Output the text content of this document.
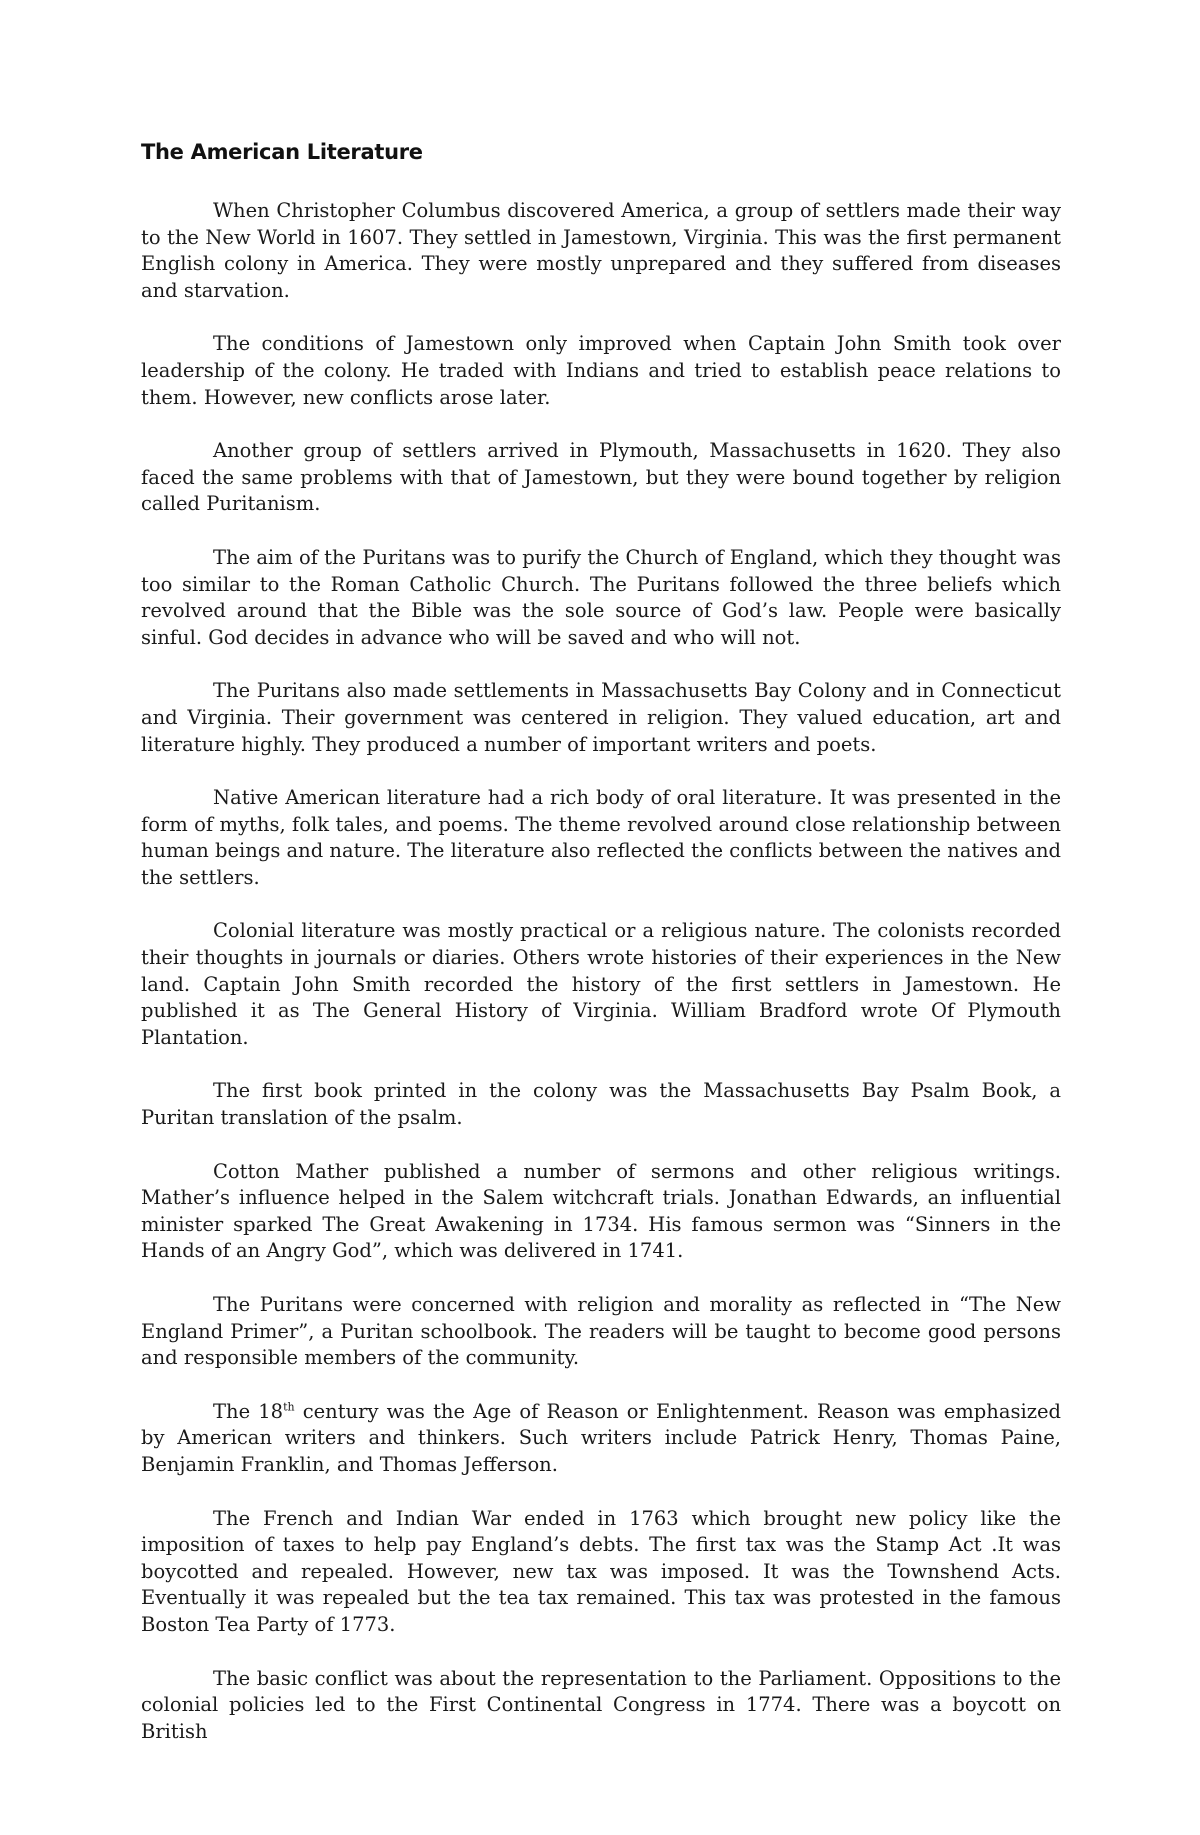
The American Literature

When Christopher Columbus discovered America, a group of settlers made their way to the New World in 1607. They settled in Jamestown, Virginia. This was the first permanent English colony in America. They were mostly unprepared and they suffered from diseases and starvation.

The conditions of Jamestown only improved when Captain John Smith took over leadership of the colony. He traded with Indians and tried to establish peace relations to them. However, new conflicts arose later.

Another group of settlers arrived in Plymouth, Massachusetts in 1620. They also faced the same problems with that of Jamestown, but they were bound together by religion called Puritanism.

The aim of the Puritans was to purify the Church of England, which they thought was too similar to the Roman Catholic Church. The Puritans followed the three beliefs which revolved around that the Bible was the sole source of God’s law. People were basically sinful. God decides in advance who will be saved and who will not.

The Puritans also made settlements in Massachusetts Bay Colony and in Connecticut and Virginia. Their government was centered in religion. They valued education, art and literature highly. They produced a number of important writers and poets.

Native American literature had a rich body of oral literature. It was presented in the form of myths, folk tales, and poems. The theme revolved around close relationship between human beings and nature. The literature also reflected the conflicts between the natives and the settlers.

Colonial literature was mostly practical or a religious nature. The colonists recorded their thoughts in journals or diaries. Others wrote histories of their experiences in the New land. Captain John Smith recorded the history of the first settlers in Jamestown. He published it as The General History of Virginia. William Bradford wrote Of Plymouth Plantation.

The first book printed in the colony was the Massachusetts Bay Psalm Book, a Puritan translation of the psalm.

Cotton Mather published a number of sermons and other religious writings. Mather’s influence helped in the Salem witchcraft trials. Jonathan Edwards, an influential minister sparked The Great Awakening in 1734. His famous sermon was “Sinners in the Hands of an Angry God”, which was delivered in 1741.

The Puritans were concerned with religion and morality as reflected in “The New England Primer”, a Puritan schoolbook. The readers will be taught to become good persons and responsible members of the community.

The 18th century was the Age of Reason or Enlightenment. Reason was emphasized by American writers and thinkers. Such writers include Patrick Henry, Thomas Paine, Benjamin Franklin, and Thomas Jefferson.

The French and Indian War ended in 1763 which brought new policy like the imposition of taxes to help pay England’s debts. The first tax was the Stamp Act .It was boycotted and repealed. However, new tax was imposed. It was the Townshend Acts. Eventually it was repealed but the tea tax remained. This tax was protested in the famous Boston Tea Party of 1773.

The basic conflict was about the representation to the Parliament. Oppositions to the colonial policies led to the First Continental Congress in 1774. There was a boycott on British
